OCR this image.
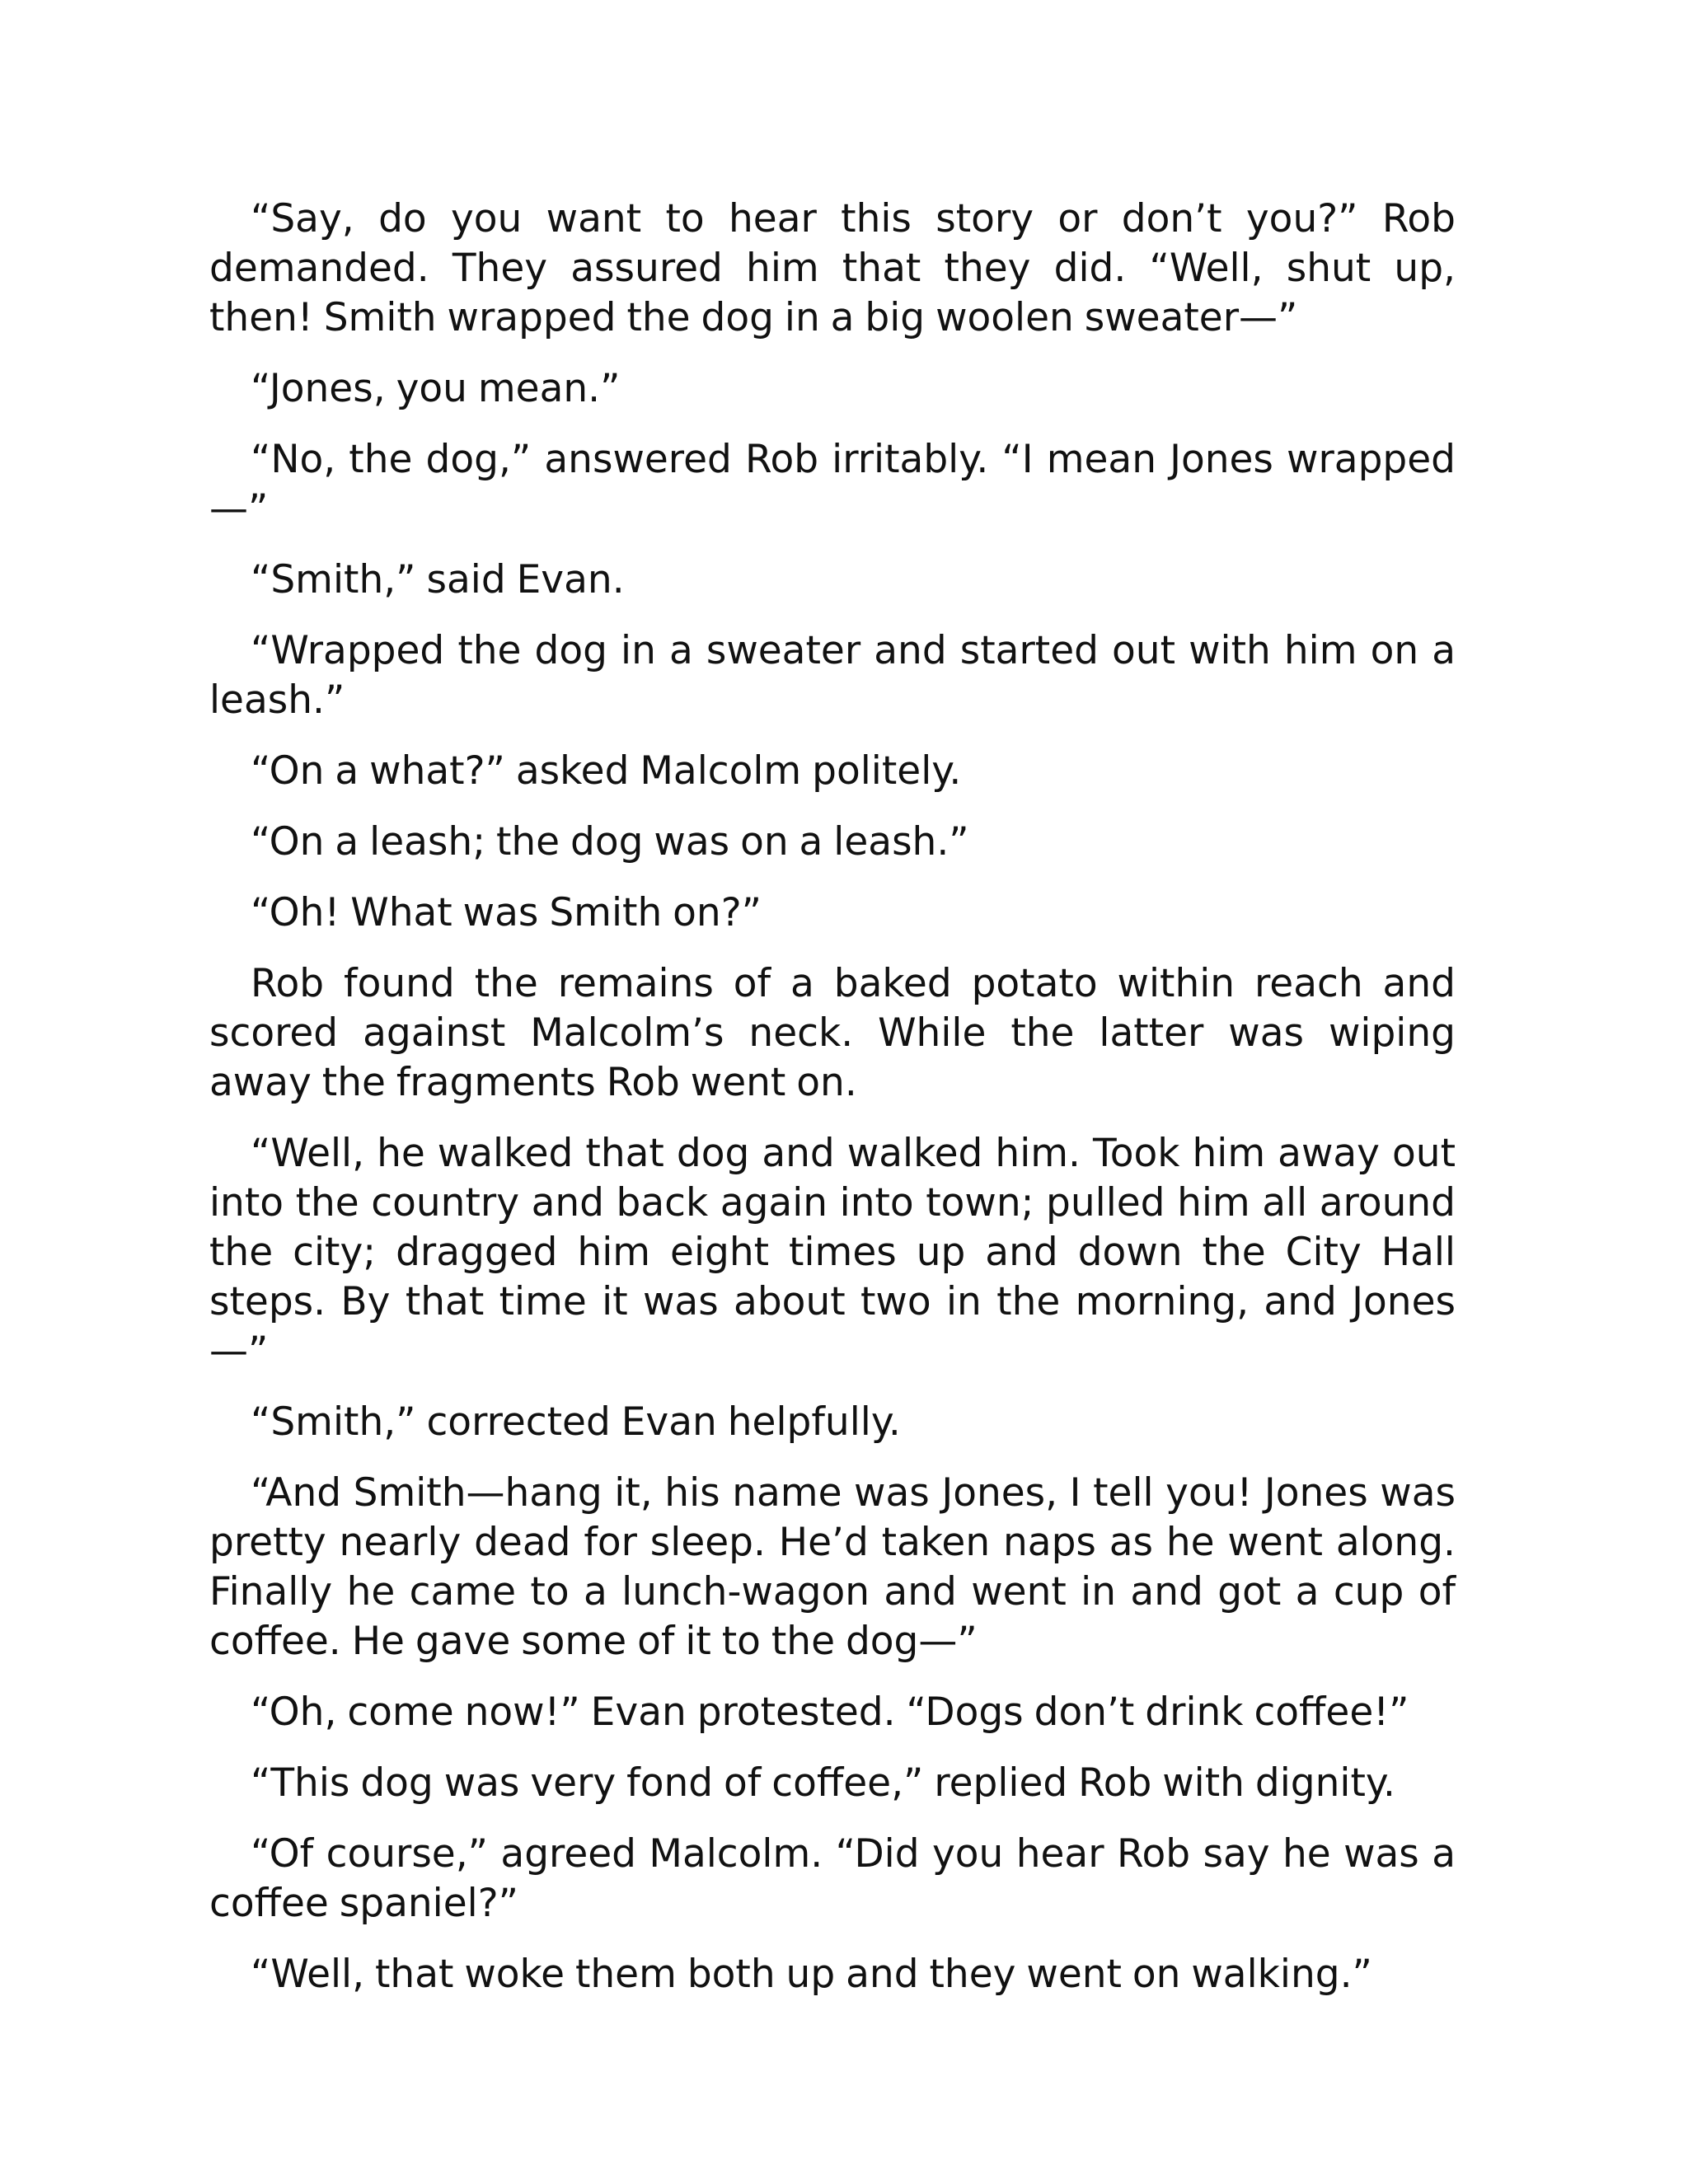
“Say, do you want to hear this story or don’t you?” Rob demanded. They assured him that they did. “Well, shut up, then! Smith wrapped the dog in a big woolen sweater—”

“Jones, you mean.”

“No, the dog,” answered Rob irritably. “I mean Jones wrapped—”

“Smith,” said Evan.

“Wrapped the dog in a sweater and started out with him on a leash.”

“On a what?” asked Malcolm politely.

“On a leash; the dog was on a leash.”

“Oh! What was Smith on?”

Rob found the remains of a baked potato within reach and scored against Malcolm’s neck. While the latter was wiping away the fragments Rob went on.

“Well, he walked that dog and walked him. Took him away out into the country and back again into town; pulled him all around the city; dragged him eight times up and down the City Hall steps. By that time it was about two in the morning, and Jones—”

“Smith,” corrected Evan helpfully.

“And Smith—hang it, his name was Jones, I tell you! Jones was pretty nearly dead for sleep. He’d taken naps as he went along. Finally he came to a lunch-wagon and went in and got a cup of coffee. He gave some of it to the dog—”

“Oh, come now!” Evan protested. “Dogs don’t drink coffee!”

“This dog was very fond of coffee,” replied Rob with dignity.

“Of course,” agreed Malcolm. “Did you hear Rob say he was a coffee spaniel?”

“Well, that woke them both up and they went on walking.”
